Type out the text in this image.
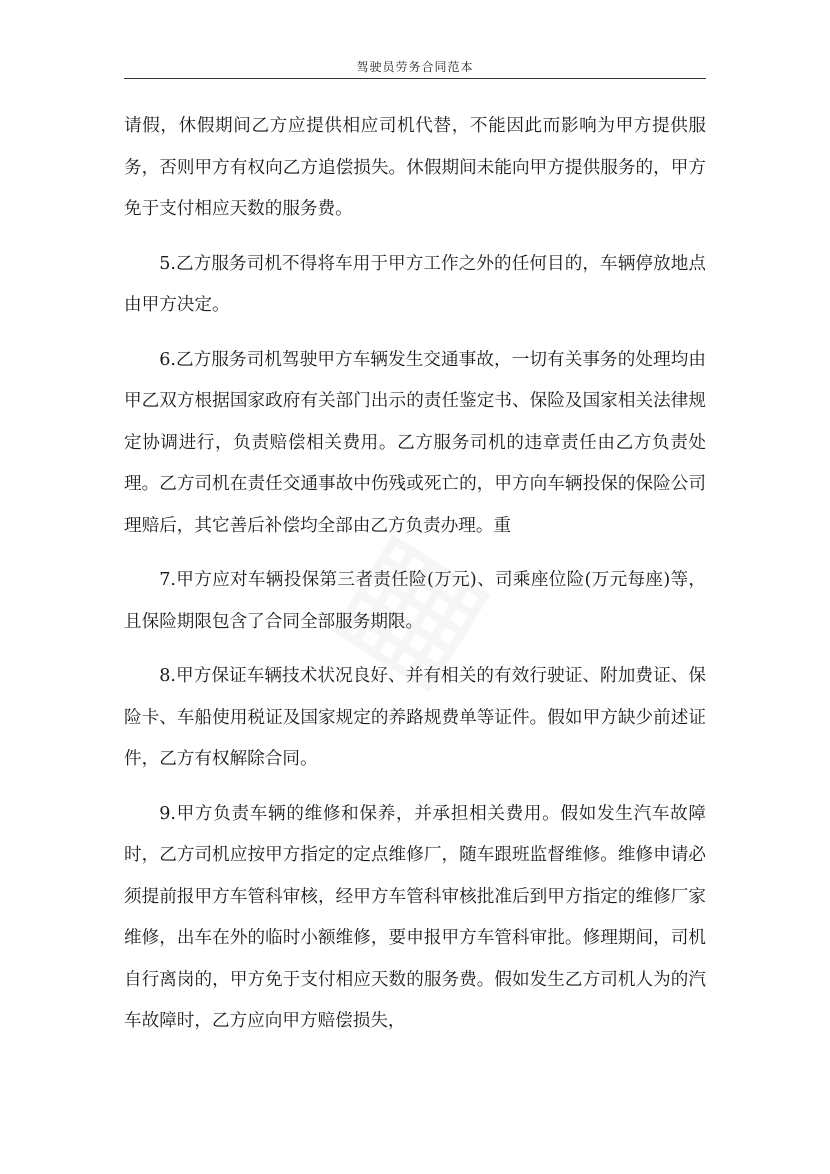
驾驶员劳务合同范本

请假，休假期间乙方应提供相应司机代替，不能因此而影响为甲方提供服务，否则甲方有权向乙方追偿损失。休假期间未能向甲方提供服务的，甲方免于支付相应天数的服务费。

5.乙方服务司机不得将车用于甲方工作之外的任何目的，车辆停放地点由甲方决定。

6.乙方服务司机驾驶甲方车辆发生交通事故，一切有关事务的处理均由甲乙双方根据国家政府有关部门出示的责任鉴定书、保险及国家相关法律规定协调进行，负责赔偿相关费用。乙方服务司机的违章责任由乙方负责处理。乙方司机在责任交通事故中伤残或死亡的，甲方向车辆投保的保险公司理赔后，其它善后补偿均全部由乙方负责办理。重

7.甲方应对车辆投保第三者责任险(万元)、司乘座位险(万元每座)等，且保险期限包含了合同全部服务期限。

8.甲方保证车辆技术状况良好、并有相关的有效行驶证、附加费证、保险卡、车船使用税证及国家规定的养路规费单等证件。假如甲方缺少前述证件，乙方有权解除合同。

9.甲方负责车辆的维修和保养，并承担相关费用。假如发生汽车故障时，乙方司机应按甲方指定的定点维修厂，随车跟班监督维修。维修申请必须提前报甲方车管科审核，经甲方车管科审核批准后到甲方指定的维修厂家维修，出车在外的临时小额维修，要申报甲方车管科审批。修理期间，司机自行离岗的，甲方免于支付相应天数的服务费。假如发生乙方司机人为的汽车故障时，乙方应向甲方赔偿损失，
